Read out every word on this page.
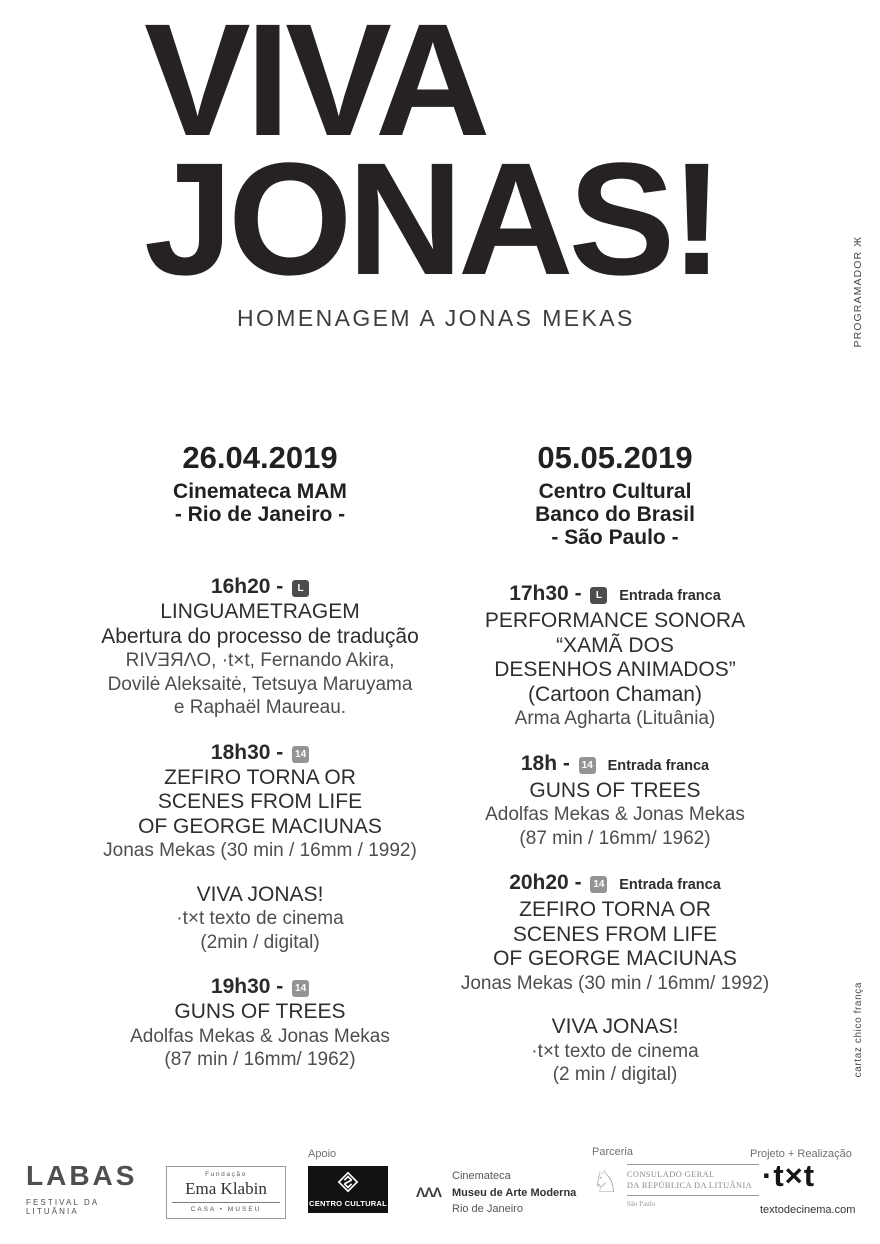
VIVA
JONAS!
HOMENAGEM A JONAS MEKAS	PROGRAMADOR Ж
cartaz chico frança
26.04.2019
Cinemateca MAM
- Rio de Janeiro -
16h20 - L
LINGUAMETRAGEM
Abertura do processo de tradução
RIVƎЯΛO, ·t×t, Fernando Akira,
Dovilė Aleksaitė, Tetsuya Maruyama
e Raphaël Maureau.
18h30 - 14
ZEFIRO TORNA OR
SCENES FROM LIFE
OF GEORGE MACIUNAS
Jonas Mekas (30 min / 16mm / 1992)
VIVA JONAS!
·t×t texto de cinema
(2min / digital)
19h30 - 14
GUNS OF TREES
Adolfas Mekas & Jonas Mekas
(87 min / 16mm/ 1962)
05.05.2019
Centro Cultural
Banco do Brasil
- São Paulo -
17h30 - L Entrada franca
PERFORMANCE SONORA
“XAMÃ DOS
DESENHOS ANIMADOS”
(Cartoon Chaman)
Arma Agharta (Lituânia)
18h - 14 Entrada franca
GUNS OF TREES
Adolfas Mekas & Jonas Mekas
(87 min / 16mm/ 1962)
20h20 - 14 Entrada franca
ZEFIRO TORNA OR
SCENES FROM LIFE
OF GEORGE MACIUNAS
Jonas Mekas (30 min / 16mm/ 1992)
VIVA JONAS!
·t×t texto de cinema
(2 min / digital)
LABAS
FESTIVAL DA LITUÂNIA
Fundação
Ema Klabin
CASA • MUSEU
Apoio
CENTRO CULTURAL
ΛΛΛ
Cinemateca
Museu de Arte Moderna
Rio de Janeiro
Parceria
♘ CONSULADO GERAL
DA REPÚBLICA DA LITUÂNIA
São Paulo
Projeto + Realização
·t×t
textodecinema.com
